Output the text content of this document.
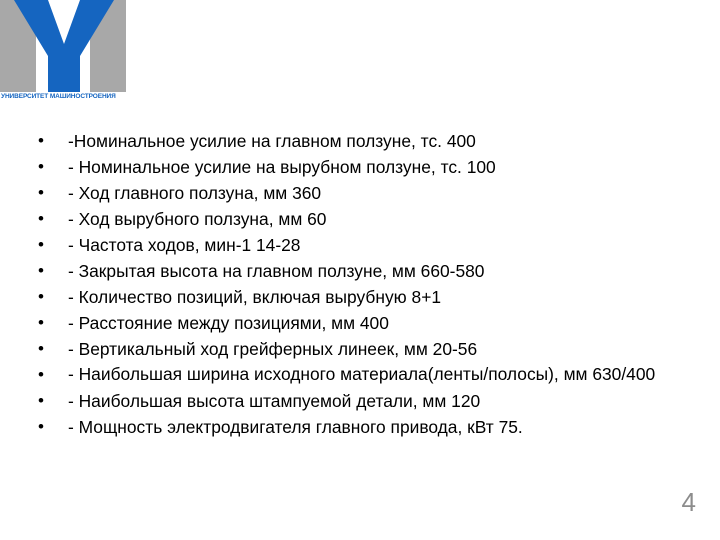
УНИВЕРСИТЕТ МАШИНОСТРОЕНИЯ
• -Номинальное усилие на главном ползуне, тс. 400
• - Номинальное усилие на вырубном ползуне, тс. 100
• - Ход главного ползуна, мм 360
• - Ход вырубного ползуна, мм 60
• - Частота ходов, мин-1 14-28
• - Закрытая высота на главном ползуне, мм 660-580
• - Количество позиций, включая вырубную 8+1
• - Расстояние между позициями, мм 400
• - Вертикальный ход грейферных линеек, мм 20-56
• - Наибольшая ширина исходного материала(ленты/полосы), мм 630/400
• - Наибольшая высота штампуемой детали, мм 120
• - Мощность электродвигателя главного привода, кВт 75.
4
